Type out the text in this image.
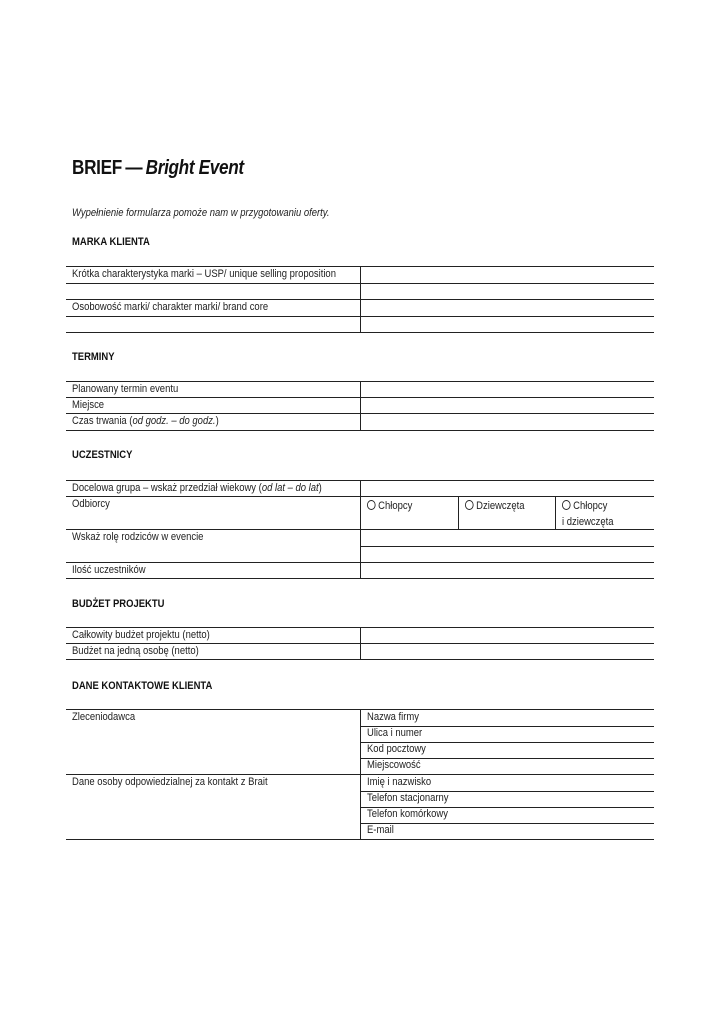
BRIEF — Bright Event
Wypełnienie formularza pomoże nam w przygotowaniu oferty.
MARKA KLIENTA
Krótka charakterystyka marki – USP/ unique selling proposition
Osobowość marki/ charakter marki/ brand core
TERMINY
Planowany termin eventu
Miejsce
Czas trwania (od godz. – do godz.)
UCZESTNICY
Docelowa grupa – wskaż przedział wiekowy (od lat – do lat)
Odbiorcy	Chłopcy	Dziewczęta	Chłopcy
i dziewczęta
Wskaż rolę rodziców w evencie
Ilość uczestników
BUDŻET PROJEKTU
Całkowity budżet projektu (netto)
Budżet na jedną osobę (netto)
DANE KONTAKTOWE KLIENTA
Zleceniodawca	Nazwa firmy
Ulica i numer
Kod pocztowy
Miejscowość
Dane osoby odpowiedzialnej za kontakt z Brait	Imię i nazwisko
Telefon stacjonarny
Telefon komórkowy
E-mail
